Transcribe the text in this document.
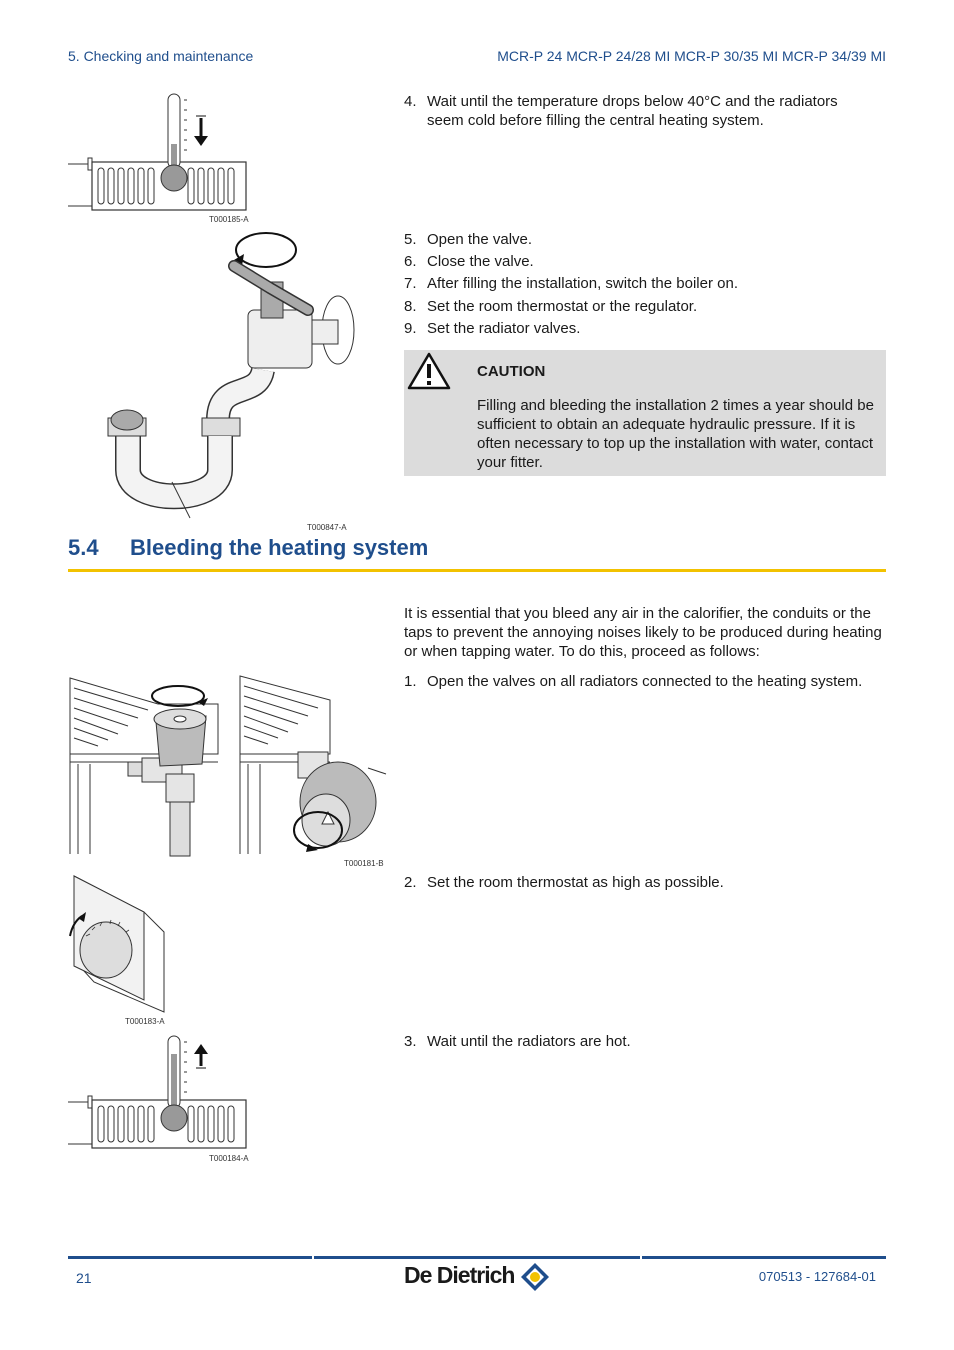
5. Checking and maintenance	MCR-P 24 MCR-P 24/28 MI MCR-P 30/35 MI MCR-P 34/39 MI
T000185-A
T000847-A
4. Wait until the temperature drops below 40°C and the radiators seem cold before filling the central heating system.
5. Open the valve.
6. Close the valve.
7. After filling the installation, switch the boiler on.
8. Set the room thermostat or the regulator.
9. Set the radiator valves.
CAUTION
Filling and bleeding the installation 2 times a year should be sufficient to obtain an adequate hydraulic pressure. If it is often necessary to top up the installation with water, contact your fitter.
5.4 Bleeding the heating system
It is essential that you bleed any air in the calorifier, the conduits or the taps to prevent the annoying noises likely to be produced during heating or when tapping water. To do this, proceed as follows:
1. Open the valves on all radiators connected to the heating system.
2. Set the room thermostat as high as possible.
3. Wait until the radiators are hot.
T000181-B
T000183-A
T000184-A
21	De Dietrich	070513 - 127684-01
